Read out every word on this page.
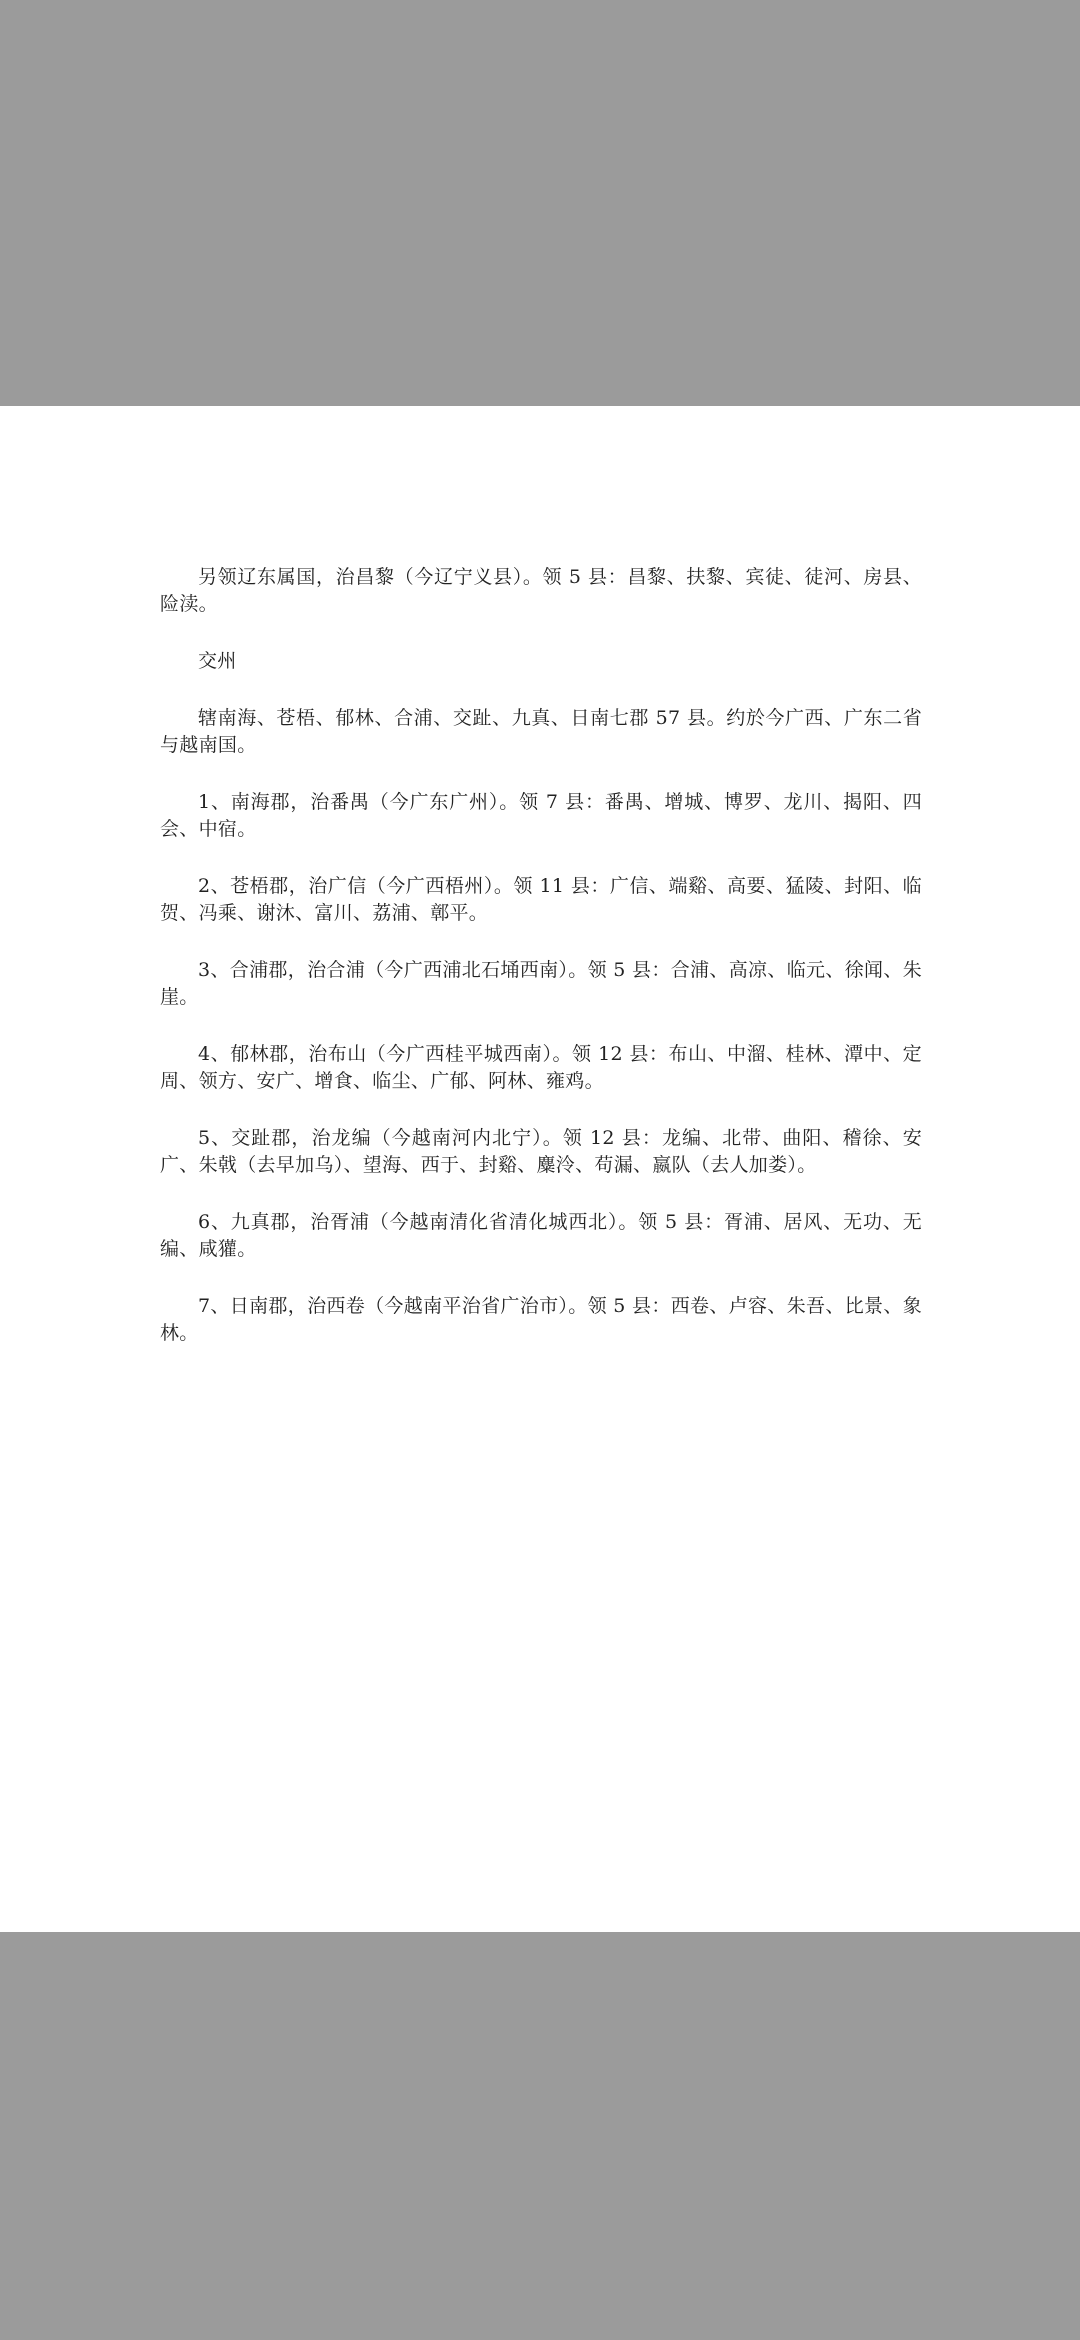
另领辽东属国，治昌黎（今辽宁义县）。领 5 县：昌黎、扶黎、宾徒、徒河、房县、险渎。

交州

辖南海、苍梧、郁林、合浦、交趾、九真、日南七郡 57 县。约於今广西、广东二省与越南国。

1、南海郡，治番禺（今广东广州）。领 7 县：番禺、增城、博罗、龙川、揭阳、四会、中宿。

2、苍梧郡，治广信（今广西梧州）。领 11 县：广信、端谿、高要、猛陵、封阳、临贺、冯乘、谢沐、富川、荔浦、鄣平。

3、合浦郡，治合浦（今广西浦北石埇西南）。领 5 县：合浦、高凉、临元、徐闻、朱崖。

4、郁林郡，治布山（今广西桂平城西南）。领 12 县：布山、中溜、桂林、潭中、定周、领方、安广、增食、临尘、广郁、阿林、雍鸡。

5、交趾郡，治龙编（今越南河内北宁）。领 12 县：龙编、北带、曲阳、稽徐、安广、朱戟（去早加乌）、望海、西于、封谿、麋泠、苟漏、嬴队（去人加娄）。

6、九真郡，治胥浦（今越南清化省清化城西北）。领 5 县：胥浦、居风、无功、无编、咸獾。

7、日南郡，治西卷（今越南平治省广治市）。领 5 县：西卷、卢容、朱吾、比景、象林。
